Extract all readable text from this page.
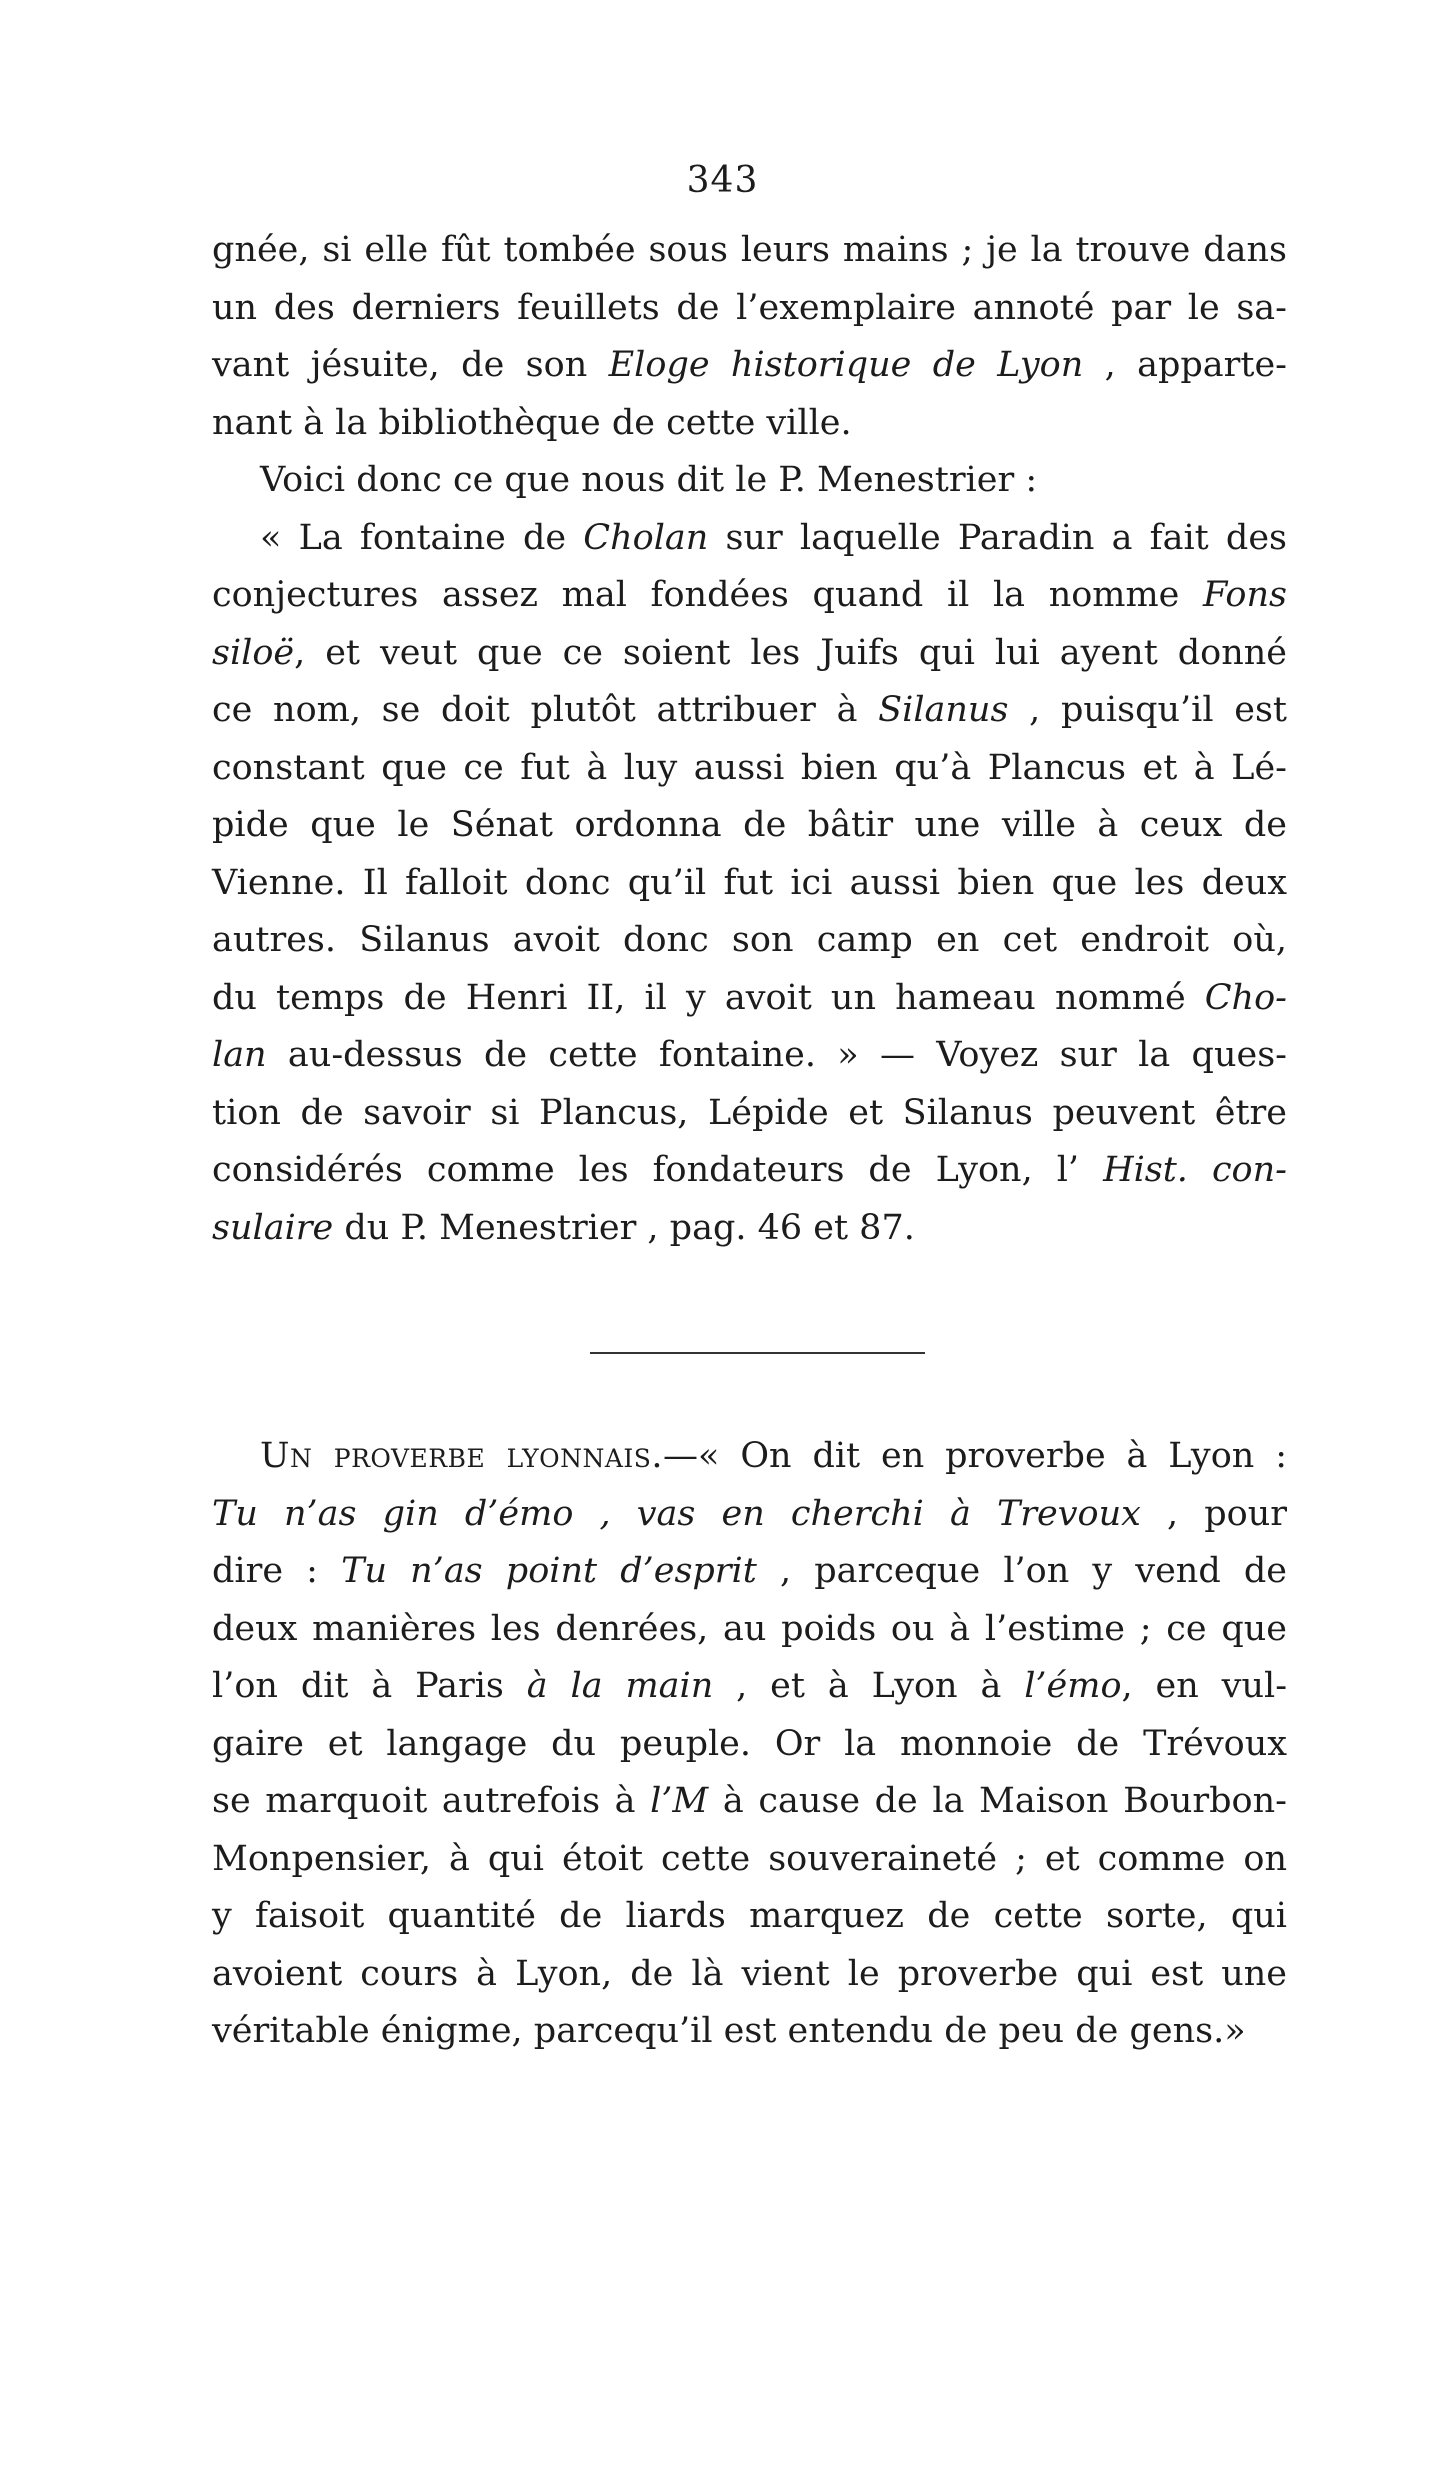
343
gnée, si elle fût tombée sous leurs mains ; je la trouve dans
un des derniers feuillets de l’exemplaire annoté par le sa-
vant jésuite, de son Eloge historique de Lyon , apparte-
nant à la bibliothèque de cette ville.
Voici donc ce que nous dit le P. Menestrier :
« La fontaine de Cholan sur laquelle Paradin a fait des
conjectures assez mal fondées quand il la nomme Fons
siloë, et veut que ce soient les Juifs qui lui ayent donné
ce nom, se doit plutôt attribuer à Silanus , puisqu’il est
constant que ce fut à luy aussi bien qu’à Plancus et à Lé-
pide que le Sénat ordonna de bâtir une ville à ceux de
Vienne. Il falloit donc qu’il fut ici aussi bien que les deux
autres. Silanus avoit donc son camp en cet endroit où,
du temps de Henri II, il y avoit un hameau nommé Cho-
lan au-dessus de cette fontaine. » — Voyez sur la ques-
tion de savoir si Plancus, Lépide et Silanus peuvent être
considérés comme les fondateurs de Lyon, l’ Hist. con-
sulaire du P. Menestrier , pag. 46 et 87.
Un proverbe lyonnais.—« On dit en proverbe à Lyon :
Tu n’as gin d’émo , vas en cherchi à Trevoux , pour
dire : Tu n’as point d’esprit , parceque l’on y vend de
deux manières les denrées, au poids ou à l’estime ; ce que
l’on dit à Paris à la main , et à Lyon à l’émo, en vul-
gaire et langage du peuple. Or la monnoie de Trévoux
se marquoit autrefois à l’M à cause de la Maison Bourbon-
Monpensier, à qui étoit cette souveraineté ; et comme on
y faisoit quantité de liards marquez de cette sorte, qui
avoient cours à Lyon, de là vient le proverbe qui est une
véritable énigme, parcequ’il est entendu de peu de gens.»
